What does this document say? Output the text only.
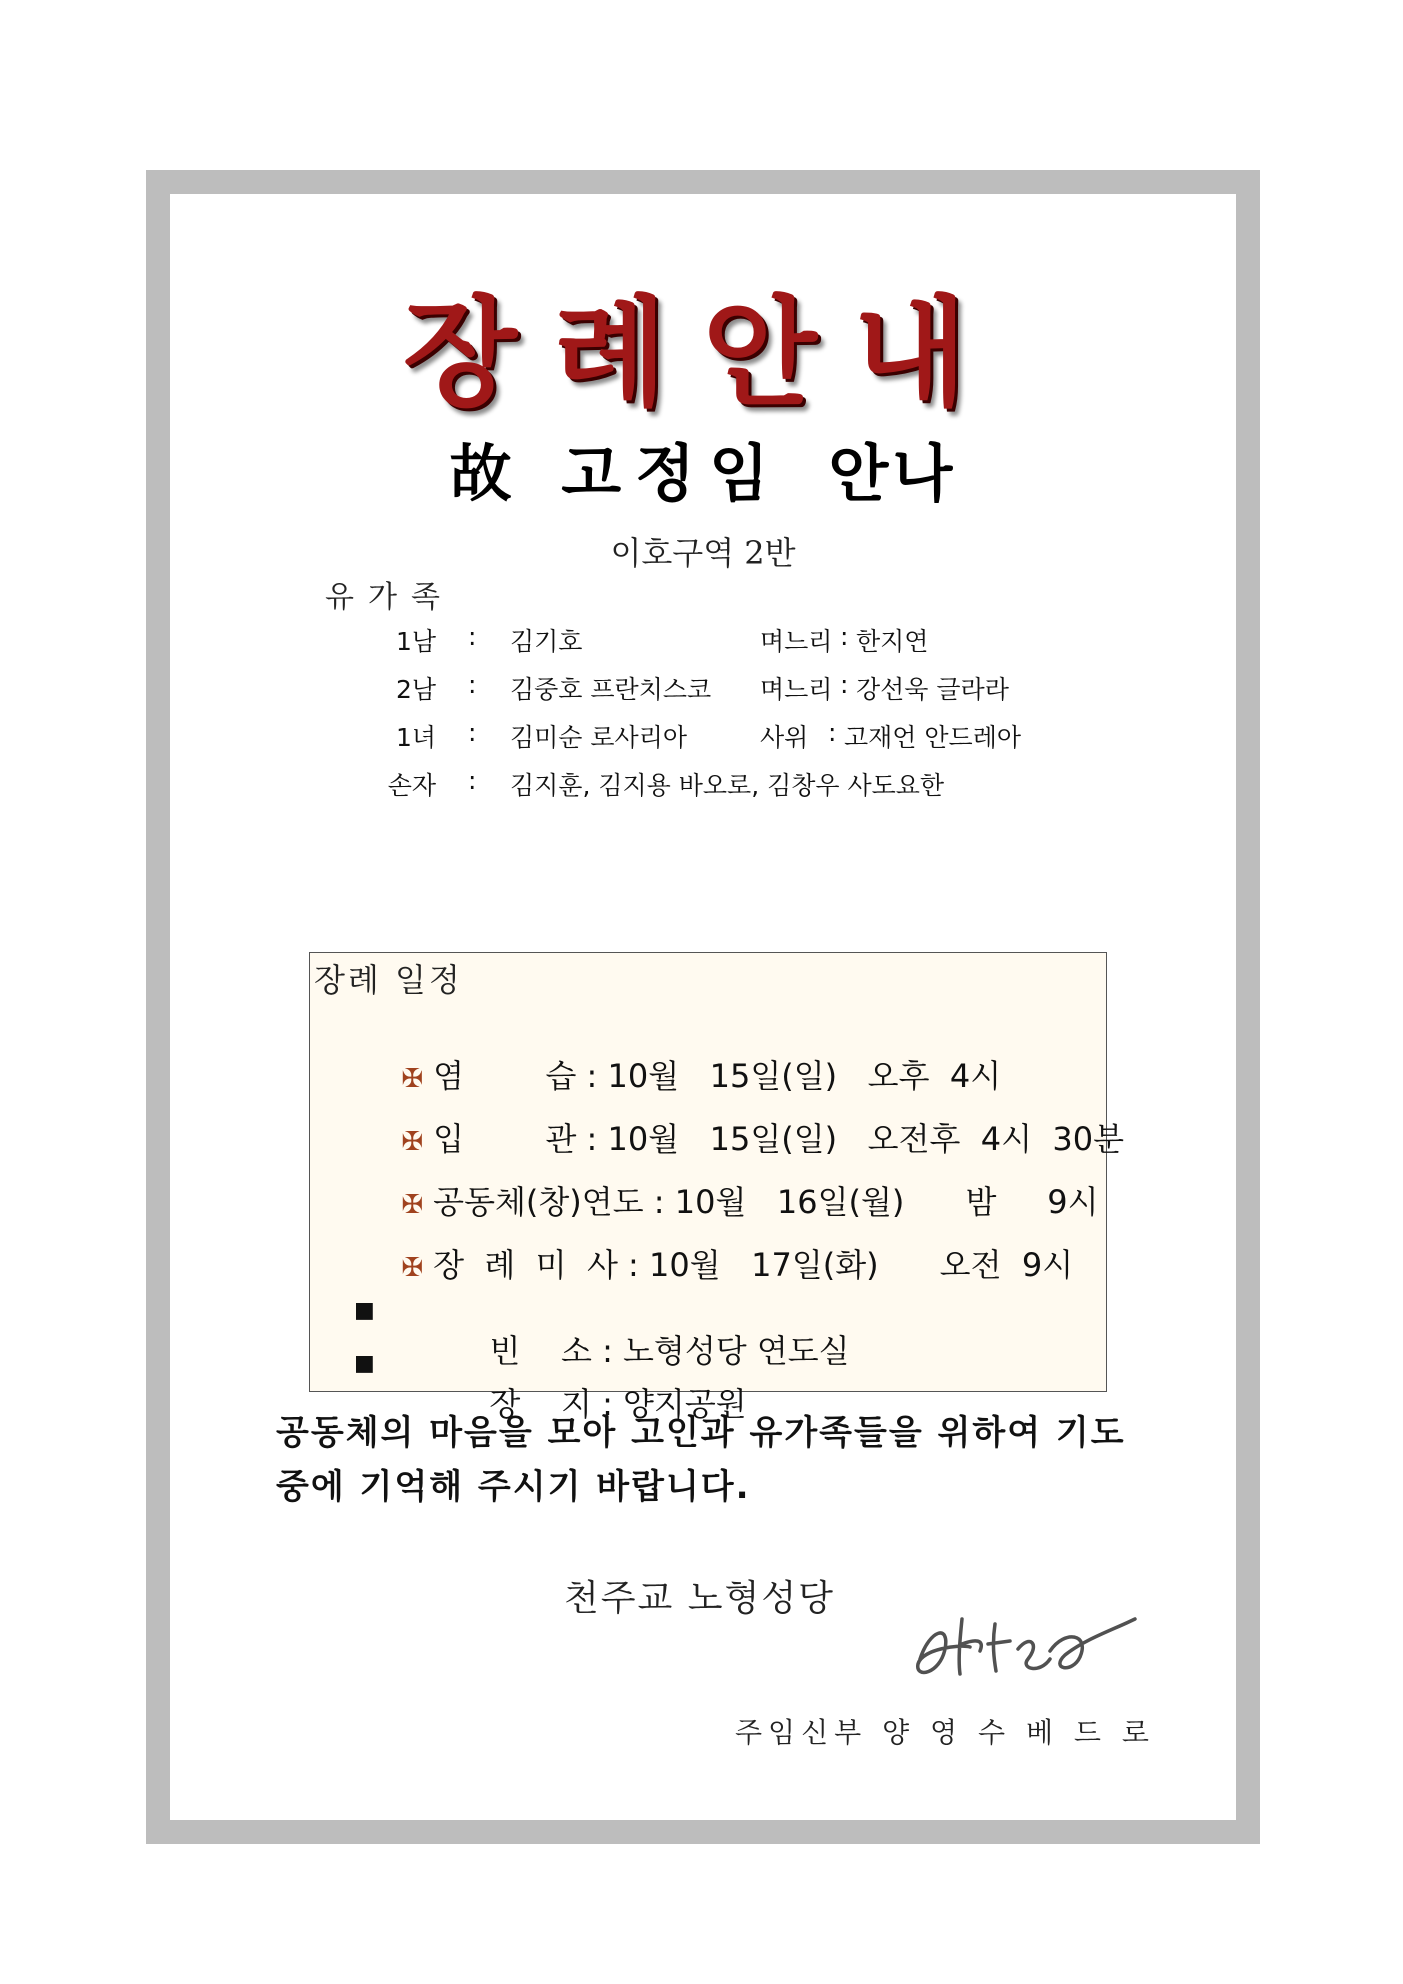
장례안내
故 고정임 안나
이호구역 2반
유가족
1남 : 김기호	며느리 : 한지연
2남 : 김중호 프란치스코 며느리 : 강선욱 글라라
1녀 : 김미순 로사리아	사위 : 고재언 안드레아
손자 : 김지훈, 김지용 바오로, 김창우 사도요한
장례 일정

✠ 염        습 : 10월   15일(일)   오후  4시

✠ 입        관 : 10월   15일(일)   오전후  4시  30분

✠ 공동체(창)연도 : 10월   16일(월)      밤     9시

✠ 장  례  미  사 : 10월   17일(화)      오전  9시

■

빈    소 : 노형성당 연도실

■

장    지 : 양지공원

공동체의 마음을 모아 고인과 유가족들을 위하여 기도 중에 기억해 주시기 바랍니다.
천주교 노형성당
주임신부 양 영 수 베 드 로
